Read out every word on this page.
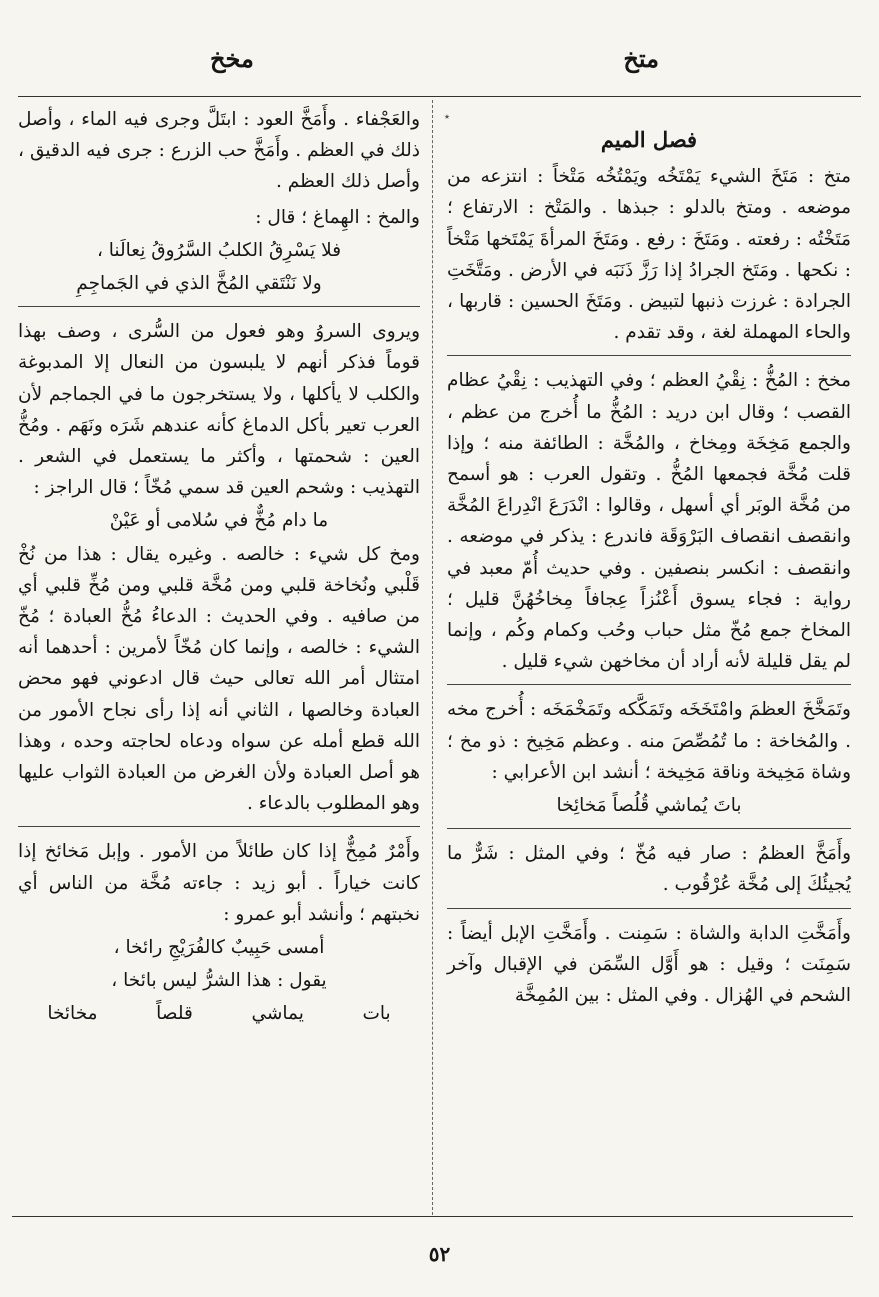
متخ
مخخ
٭
فصل الميم

متخ : مَتَخَ الشيء يَمْتَخُه ويَمْتُخُه مَتْخاً : انتزعه من موضعه . ومتخ بالدلو : جبذها . والمَتْخ : الارتفاع ؛ مَتَخْتُه : رفعته . ومَتَخَ : رفع . ومَتَخَ المرأةَ يَمْتَخها مَتْخاً : نكحها . ومَتَخ الجرادُ إذا رَزَّ ذَنَبَه في الأرض . ومَتَّخَتِ الجرادة : غرزت ذنبها لتبيض . ومَتَخَ الحسين : قاربها ، والحاء المهملة لغة ، وقد تقدم .

مخخ : المُخُّ : نِقْيُ العظم ؛ وفي التهذيب : نِقْيُ عظام القصب ؛ وقال ابن دريد : المُخُّ ما أُخرج من عظم ، والجمع مَخِخَة ومِخاخ ، والمُخَّة : الطائفة منه ؛ وإذا قلت مُخَّة فجمعها المُخُّ . وتقول العرب : هو أسمح من مُخَّة الوبَر أي أسهل ، وقالوا : انْدَرَعَ انْدِراعَ المُخَّة وانقصف انقصاف البَرْوَقَة فاندرع : يذكر في موضعه . وانقصف : انكسر بنصفين . وفي حديث أُمّ معبد في رواية : فجاء يسوق أَعْنُزاً عِجافاً مِخاخُهُنَّ قليل ؛ المخاخ جمع مُخّ مثل حباب وحُب وكمام وكُم ، وإنما لم يقل قليلة لأنه أراد أن مخاخهن شيء قليل .

وتَمَخَّخَ العظمَ وامْتَخَخَه وتَمَكَّكه وتَمَخْمَخَه : أُخرج مخه . والمُخاخة : ما تُمُصِّصَ منه . وعظم مَخِيخ : ذو مخ ؛ وشاة مَخِيخة وناقة مَخِيخة ؛ أنشد ابن الأعرابي :

باتَ يُماشي قُلُصاً مَخائِخا

وأَمَخَّ العظمُ : صار فيه مُخّ ؛ وفي المثل : شَرٌّ ما يُجيئُكَ إلى مُخَّة عُرْقُوب .

وأَمَخَّتِ الدابة والشاة : سَمِنت . وأَمَخَّتِ الإبل أيضاً : سَمِنَت ؛ وقيل : هو أَوَّل السِّمَن في الإقبال وآخر الشحم في الهُزال . وفي المثل : بين المُمِخَّة

والعَجْفاء . وأَمَخَّ العود : ابتَلَّ وجرى فيه الماء ، وأصل ذلك في العظم . وأَمَخَّ حب الزرع : جرى فيه الدقيق ، وأصل ذلك العظم .

والمخ : الهِماغ ؛ قال :

فلا يَسْرِقُ الكلبُ السَّرُوقُ نِعالَنا ،
ولا نَنْتَقي المُخَّ الذي في الجَماجِمِ

ويروى السروُ وهو فعول من السُّرى ، وصف بهذا قوماً فذكر أنهم لا يلبسون من النعال إلا المدبوغة والكلب لا يأكلها ، ولا يستخرجون ما في الجماجم لأن العرب تعير بأكل الدماغ كأنه عندهم شَرَه ونَهَم . ومُخُّ العين : شحمتها ، وأكثر ما يستعمل في الشعر . التهذيب : وشحم العين قد سمي مُخّاً ؛ قال الراجز :

ما دام مُخٌّ في سُلامى أو عَيْنْ

ومخ كل شيء : خالصه . وغيره يقال : هذا من نُخْ قَلْبي ونُخاخة قلبي ومن مُخَّة قلبي ومن مُخِّ قلبي أي من صافيه . وفي الحديث : الدعاءُ مُخُّ العبادة ؛ مُخّ الشيء : خالصه ، وإنما كان مُخّاً لأمرين : أحدهما أنه امتثال أمر الله تعالى حيث قال ادعوني فهو محض العبادة وخالصها ، الثاني أنه إذا رأى نجاح الأمور من الله قطع أمله عن سواه ودعاه لحاجته وحده ، وهذا هو أصل العبادة ولأن الغرض من العبادة الثواب عليها وهو المطلوب بالدعاء .

وأَمْرٌ مُمِخٌّ إذا كان طائلاً من الأمور . وإبل مَخائخ إذا كانت خياراً . أبو زيد : جاءته مُخَّة من الناس أي نخبتهم ؛ وأنشد أبو عمرو :

أمسى حَبِيبٌ كالفُرَيْجِ رائخا ،
يقول : هذا الشرُّ ليس بائخا ،
بات
يماشي
قلصاً
مخائخا
٥٢
